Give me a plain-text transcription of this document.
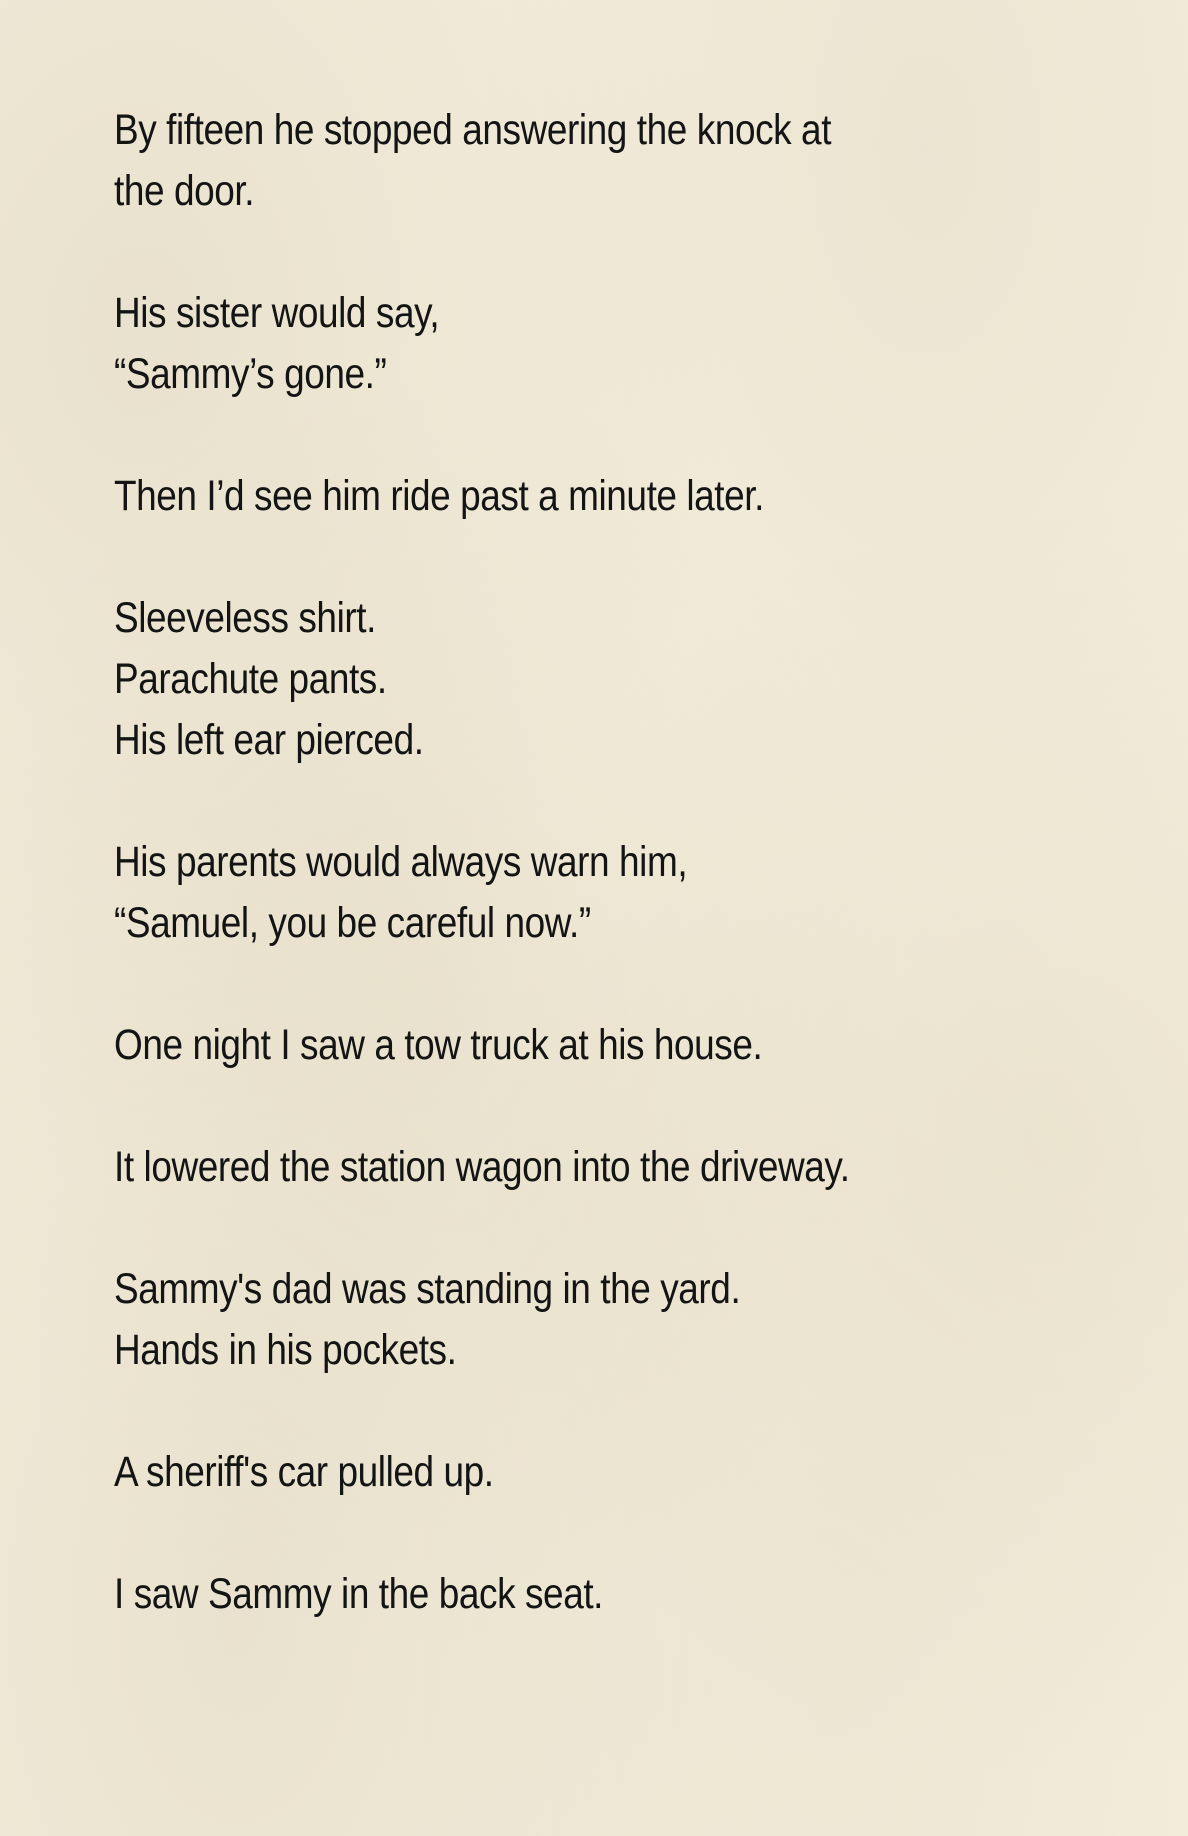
By fifteen he stopped answering the knock at
the door.
His sister would say,
“Sammy’s gone.”
Then I’d see him ride past a minute later.
Sleeveless shirt.
Parachute pants.
His left ear pierced.
His parents would always warn him,
“Samuel, you be careful now.”
One night I saw a tow truck at his house.
It lowered the station wagon into the driveway.
Sammy's dad was standing in the yard.
Hands in his pockets.
A sheriff's car pulled up.
I saw Sammy in the back seat.
